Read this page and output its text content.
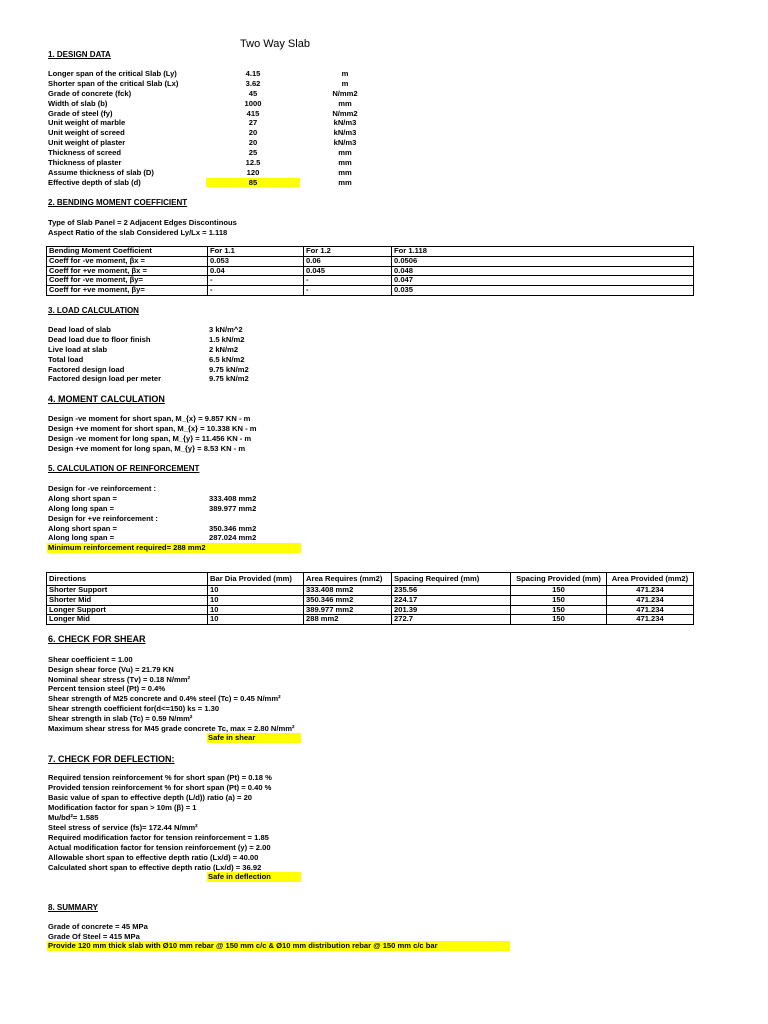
Two Way Slab
1. DESIGN DATA
Longer span of the critical Slab (Ly)	4.15	m
Shorter span of the critical Slab (Lx)	3.62	m
Grade of concrete (fck)	45	N/mm2
Width of slab (b)	1000	mm
Grade of steel (fy)	415	N/mm2
Unit weight of marble	27	kN/m3
Unit weight of screed	20	kN/m3
Unit weight of plaster	20	kN/m3
Thickness of screed	25	mm
Thickness of plaster	12.5	mm
Assume thickness of slab (D)	120	mm
Effective depth of slab (d)	85	mm
2. BENDING MOMENT COEFFICIENT
Type of Slab Panel = 2 Adjacent Edges Discontinous
Aspect Ratio of the slab Considered Ly/Lx = 1.118
Bending Moment Coefficient	For 1.1	For 1.2	For 1.118
Coeff for -ve moment, βx =	0.053	0.06	0.0506
Coeff for +ve moment, βx =	0.04	0.045	0.048
Coeff for -ve moment, βy=	-	-	0.047
Coeff for +ve moment, βy=	-	-	0.035
3. LOAD CALCULATION
Dead load of slab	3 kN/m^2
Dead load due to floor finish	1.5 kN/m2
Live load at slab	2 kN/m2
Total load	6.5 kN/m2
Factored design load	9.75 kN/m2
Factored design load per meter	9.75 kN/m2
4. MOMENT CALCULATION
Design -ve moment for short span, M_{x} = 9.857 KN - m
Design +ve moment for short span, M_{x} = 10.338 KN - m
Design -ve moment for long span, M_{y} = 11.456 KN - m
Design +ve moment for long span, M_{y} = 8.53 KN - m
5. CALCULATION OF REINFORCEMENT
Design for -ve reinforcement :
Along short span =	333.408 mm2
Along long span =	389.977 mm2
Design for +ve reinforcement :
Along short span =	350.346 mm2
Along long span =	287.024 mm2
Minimum reinforcement required= 288 mm2
Directions	Bar Dia Provided (mm)	Area Requires (mm2)	Spacing Required (mm)	Spacing Provided (mm)	Area Provided (mm2)
Shorter Support	10	333.408 mm2	235.56	150	471.234
Shorter Mid	10	350.346 mm2	224.17	150	471.234
Longer Support	10	389.977 mm2	201.39	150	471.234
Longer Mid	10	288 mm2	272.7	150	471.234
6. CHECK FOR SHEAR
Shear coefficient = 1.00
Design shear force (Vu) = 21.79 KN
Nominal shear stress (Tv) = 0.18 N/mm²
Percent tension steel (Pt) = 0.4%
Shear strength of M25 concrete and 0.4% steel (Tc) = 0.45 N/mm²
Shear strength coefficient for(d<=150) ks = 1.30
Shear strength in slab (Tc) = 0.59 N/mm²
Maximum shear stress for M45 grade concrete Tc, max = 2.80 N/mm²
Safe in shear
7. CHECK FOR DEFLECTION:
Required tension reinforcement % for short span (Pt) = 0.18 %
Provided tension reinforcement % for short span (Pt) = 0.40 %
Basic value of span to effective depth (L/d)) ratio (a) = 20
Modification factor for span > 10m (β) = 1
Mu/bd²= 1.585
Steel stress of service (fs)= 172.44 N/mm²
Required modification factor for tension reinforcement = 1.85
Actual modification factor for tension reinforcement (y) = 2.00
Allowable short span to effective depth ratio (Lx/d) = 40.00
Calculated short span to effective depth ratio (Lx/d) = 36.92
Safe in deflection
8. SUMMARY
Grade of concrete = 45 MPa
Grade Of Steel = 415 MPa
Provide 120 mm thick slab with Ø10 mm rebar @ 150 mm c/c & Ø10 mm distribution rebar @ 150 mm c/c bar
